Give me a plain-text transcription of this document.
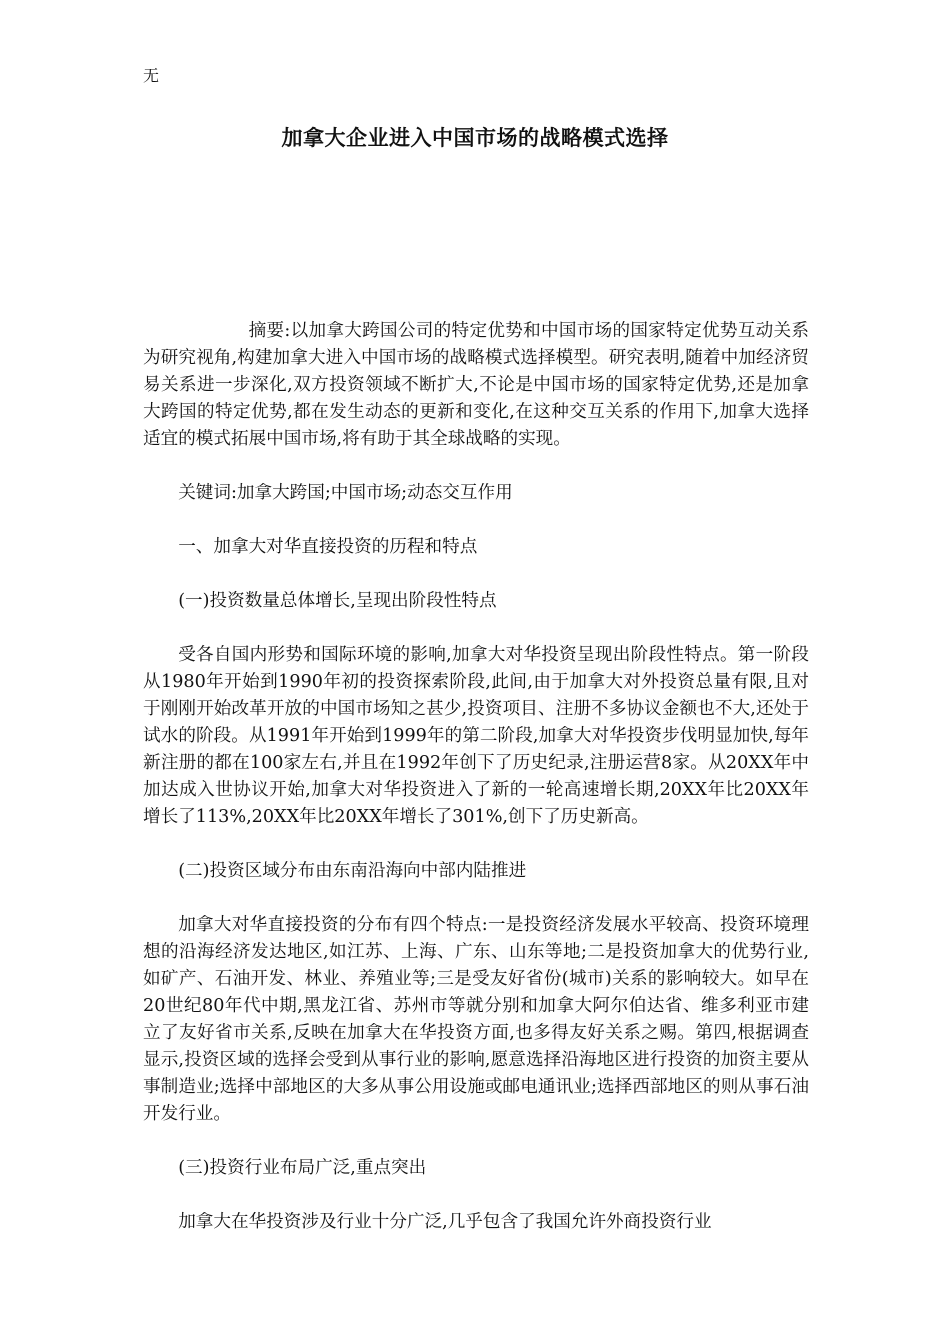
无
加拿大企业进入中国市场的战略模式选择

摘要:以加拿大跨国公司的特定优势和中国市场的国家特定优势互动关系为研究视角,构建加拿大进入中国市场的战略模式选择模型。研究表明,随着中加经济贸易关系进一步深化,双方投资领域不断扩大,不论是中国市场的国家特定优势,还是加拿大跨国的特定优势,都在发生动态的更新和变化,在这种交互关系的作用下,加拿大选择适宜的模式拓展中国市场,将有助于其全球战略的实现。

关键词:加拿大跨国;中国市场;动态交互作用

一、加拿大对华直接投资的历程和特点

(一)投资数量总体增长,呈现出阶段性特点

受各自国内形势和国际环境的影响,加拿大对华投资呈现出阶段性特点。第一阶段从1980年开始到1990年初的投资探索阶段,此间,由于加拿大对外投资总量有限,且对于刚刚开始改革开放的中国市场知之甚少,投资项目、注册不多协议金额也不大,还处于试水的阶段。从1991年开始到1999年的第二阶段,加拿大对华投资步伐明显加快,每年新注册的都在100家左右,并且在1992年创下了历史纪录,注册运营8家。从20XX年中加达成入世协议开始,加拿大对华投资进入了新的一轮高速增长期,20XX年比20XX年增长了113%,20XX年比20XX年增长了301%,创下了历史新高。

(二)投资区域分布由东南沿海向中部内陆推进

加拿大对华直接投资的分布有四个特点:一是投资经济发展水平较高、投资环境理想的沿海经济发达地区,如江苏、上海、广东、山东等地;二是投资加拿大的优势行业,如矿产、石油开发、林业、养殖业等;三是受友好省份(城市)关系的影响较大。如早在20世纪80年代中期,黑龙江省、苏州市等就分别和加拿大阿尔伯达省、维多利亚市建立了友好省市关系,反映在加拿大在华投资方面,也多得友好关系之赐。第四,根据调查显示,投资区域的选择会受到从事行业的影响,愿意选择沿海地区进行投资的加资主要从事制造业;选择中部地区的大多从事公用设施或邮电通讯业;选择西部地区的则从事石油开发行业。

(三)投资行业布局广泛,重点突出

加拿大在华投资涉及行业十分广泛,几乎包含了我国允许外商投资行业
